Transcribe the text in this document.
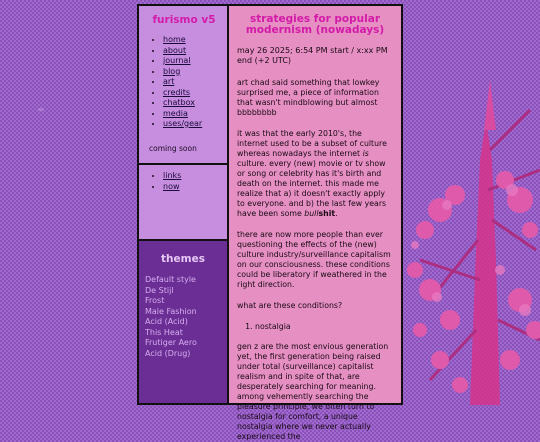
furismo v5
• home
• about
• journal
• blog
• art
• credits
• chatbox
• media
• uses/gear
coming soon
• links
• now
themes
Default style
De Stijl
Frost
Male Fashion
Acid (Acid)
This Heat
Frutiger Aero
Acid (Drug)
strategies for popular modernism (nowadays)
may 26 2025; 6:54 PM start / x:xx PM end (+2 UTC)

art chad said something that lowkey surprised me, a piece of information that wasn't mindblowing but almost bbbbbbbb

it was that the early 2010's, the internet used to be a subset of culture whereas nowadays the internet is culture. every (new) movie or tv show or song or celebrity has it's birth and death on the internet. this made me realize that a) it doesn't exactly apply to everyone. and b) the last few years have been some bullshit.

there are now more people than ever questioning the effects of the (new) culture industry/surveillance capitalism on our consciousness. these conditions could be liberatory if weathered in the right direction.

what are these conditions?

1. nostalgia

gen z are the most envious generation yet, the first generation being raised under total (surveillance) capitalist realism and in spite of that, are desperately searching for meaning. among vehemently searching the pleasure principle, we often turn to nostalgia for comfort, a unique nostalgia where we never actually experienced the
